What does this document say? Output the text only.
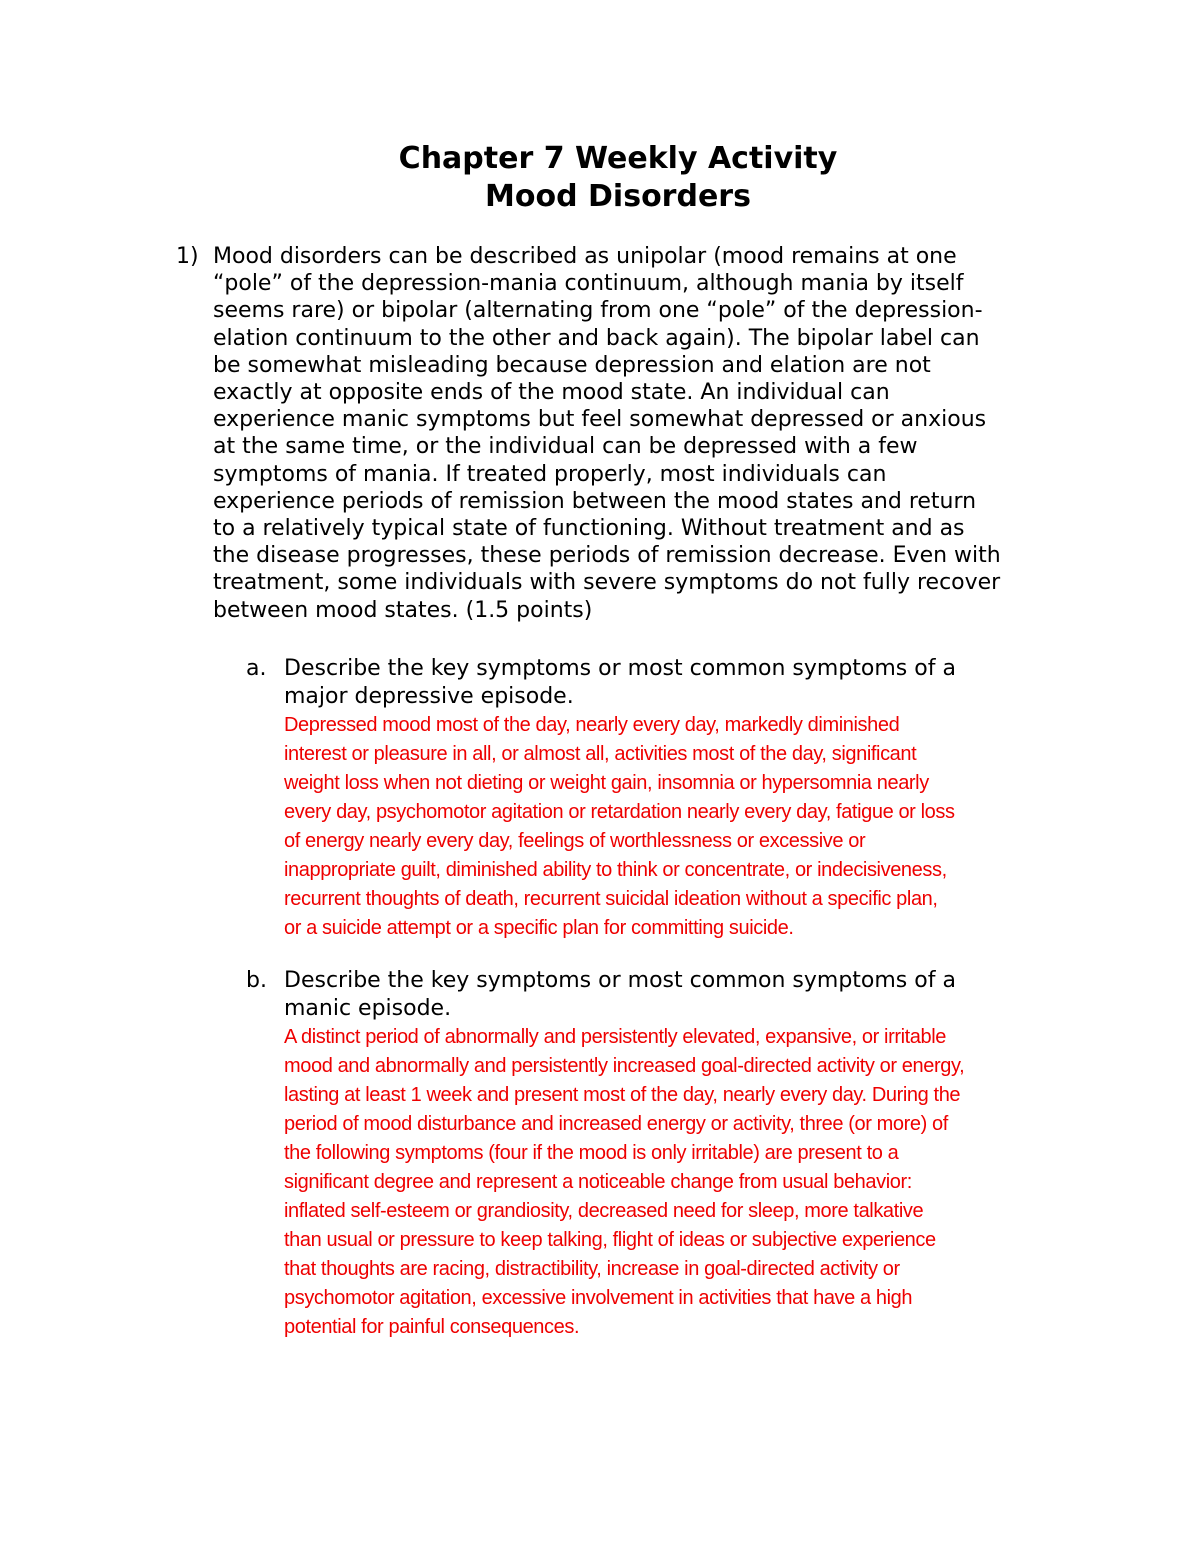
Chapter 7 Weekly Activity
Mood Disorders
1) Mood disorders can be described as unipolar (mood remains at one
“pole” of the depression-mania continuum, although mania by itself
seems rare) or bipolar (alternating from one “pole” of the depression-
elation continuum to the other and back again). The bipolar label can
be somewhat misleading because depression and elation are not
exactly at opposite ends of the mood state. An individual can
experience manic symptoms but feel somewhat depressed or anxious
at the same time, or the individual can be depressed with a few
symptoms of mania. If treated properly, most individuals can
experience periods of remission between the mood states and return
to a relatively typical state of functioning. Without treatment and as
the disease progresses, these periods of remission decrease. Even with
treatment, some individuals with severe symptoms do not fully recover
between mood states. (1.5 points)
a. Describe the key symptoms or most common symptoms of a
major depressive episode.
Depressed mood most of the day, nearly every day, markedly diminished
interest or pleasure in all, or almost all, activities most of the day, significant
weight loss when not dieting or weight gain, insomnia or hypersomnia nearly
every day, psychomotor agitation or retardation nearly every day, fatigue or loss
of energy nearly every day, feelings of worthlessness or excessive or
inappropriate guilt, diminished ability to think or concentrate, or indecisiveness,
recurrent thoughts of death, recurrent suicidal ideation without a specific plan,
or a suicide attempt or a specific plan for committing suicide.
b. Describe the key symptoms or most common symptoms of a
manic episode.
A distinct period of abnormally and persistently elevated, expansive, or irritable
mood and abnormally and persistently increased goal-directed activity or energy,
lasting at least 1 week and present most of the day, nearly every day. During the
period of mood disturbance and increased energy or activity, three (or more) of
the following symptoms (four if the mood is only irritable) are present to a
significant degree and represent a noticeable change from usual behavior:
inflated self-esteem or grandiosity, decreased need for sleep, more talkative
than usual or pressure to keep talking, flight of ideas or subjective experience
that thoughts are racing, distractibility, increase in goal-directed activity or
psychomotor agitation, excessive involvement in activities that have a high
potential for painful consequences.
